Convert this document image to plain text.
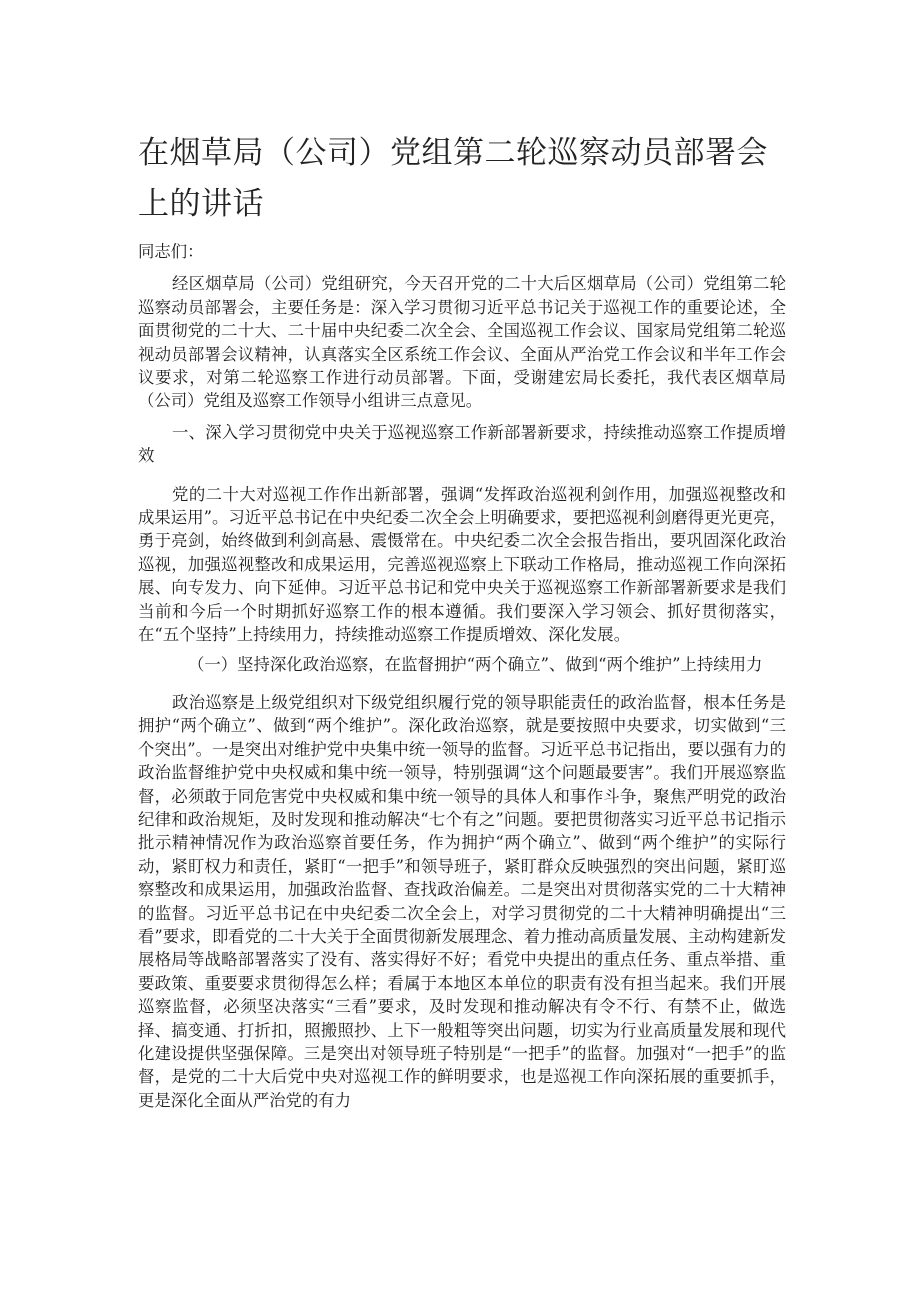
在烟草局（公司）党组第二轮巡察动员部署会上的讲话

同志们：

经区烟草局（公司）党组研究，今天召开党的二十大后区烟草局（公司）党组第二轮巡察动员部署会，主要任务是：深入学习贯彻习近平总书记关于巡视工作的重要论述，全面贯彻党的二十大、二十届中央纪委二次全会、全国巡视工作会议、国家局党组第二轮巡视动员部署会议精神，认真落实全区系统工作会议、全面从严治党工作会议和半年工作会议要求，对第二轮巡察工作进行动员部署。下面，受谢建宏局长委托，我代表区烟草局（公司）党组及巡察工作领导小组讲三点意见。

一、深入学习贯彻党中央关于巡视巡察工作新部署新要求，持续推动巡察工作提质增效

党的二十大对巡视工作作出新部署，强调“发挥政治巡视利剑作用，加强巡视整改和成果运用”。习近平总书记在中央纪委二次全会上明确要求，要把巡视利剑磨得更光更亮，勇于亮剑，始终做到利剑高悬、震慑常在。中央纪委二次全会报告指出，要巩固深化政治巡视，加强巡视整改和成果运用，完善巡视巡察上下联动工作格局，推动巡视工作向深拓展、向专发力、向下延伸。习近平总书记和党中央关于巡视巡察工作新部署新要求是我们当前和今后一个时期抓好巡察工作的根本遵循。我们要深入学习领会、抓好贯彻落实，在“五个坚持”上持续用力，持续推动巡察工作提质增效、深化发展。

（一）坚持深化政治巡察，在监督拥护“两个确立”、做到“两个维护”上持续用力

政治巡察是上级党组织对下级党组织履行党的领导职能责任的政治监督，根本任务是拥护“两个确立”、做到“两个维护”。深化政治巡察，就是要按照中央要求，切实做到“三个突出”。一是突出对维护党中央集中统一领导的监督。习近平总书记指出，要以强有力的政治监督维护党中央权威和集中统一领导，特别强调“这个问题最要害”。我们开展巡察监督，必须敢于同危害党中央权威和集中统一领导的具体人和事作斗争，聚焦严明党的政治纪律和政治规矩，及时发现和推动解决“七个有之”问题。要把贯彻落实习近平总书记指示批示精神情况作为政治巡察首要任务，作为拥护“两个确立”、做到“两个维护”的实际行动，紧盯权力和责任，紧盯“一把手”和领导班子，紧盯群众反映强烈的突出问题，紧盯巡察整改和成果运用，加强政治监督、查找政治偏差。二是突出对贯彻落实党的二十大精神的监督。习近平总书记在中央纪委二次全会上，对学习贯彻党的二十大精神明确提出“三看”要求，即看党的二十大关于全面贯彻新发展理念、着力推动高质量发展、主动构建新发展格局等战略部署落实了没有、落实得好不好；看党中央提出的重点任务、重点举措、重要政策、重要要求贯彻得怎么样；看属于本地区本单位的职责有没有担当起来。我们开展巡察监督，必须坚决落实“三看”要求，及时发现和推动解决有令不行、有禁不止，做选择、搞变通、打折扣，照搬照抄、上下一般粗等突出问题，切实为行业高质量发展和现代化建设提供坚强保障。三是突出对领导班子特别是“一把手”的监督。加强对“一把手”的监督，是党的二十大后党中央对巡视工作的鲜明要求，也是巡视工作向深拓展的重要抓手，更是深化全面从严治党的有力
